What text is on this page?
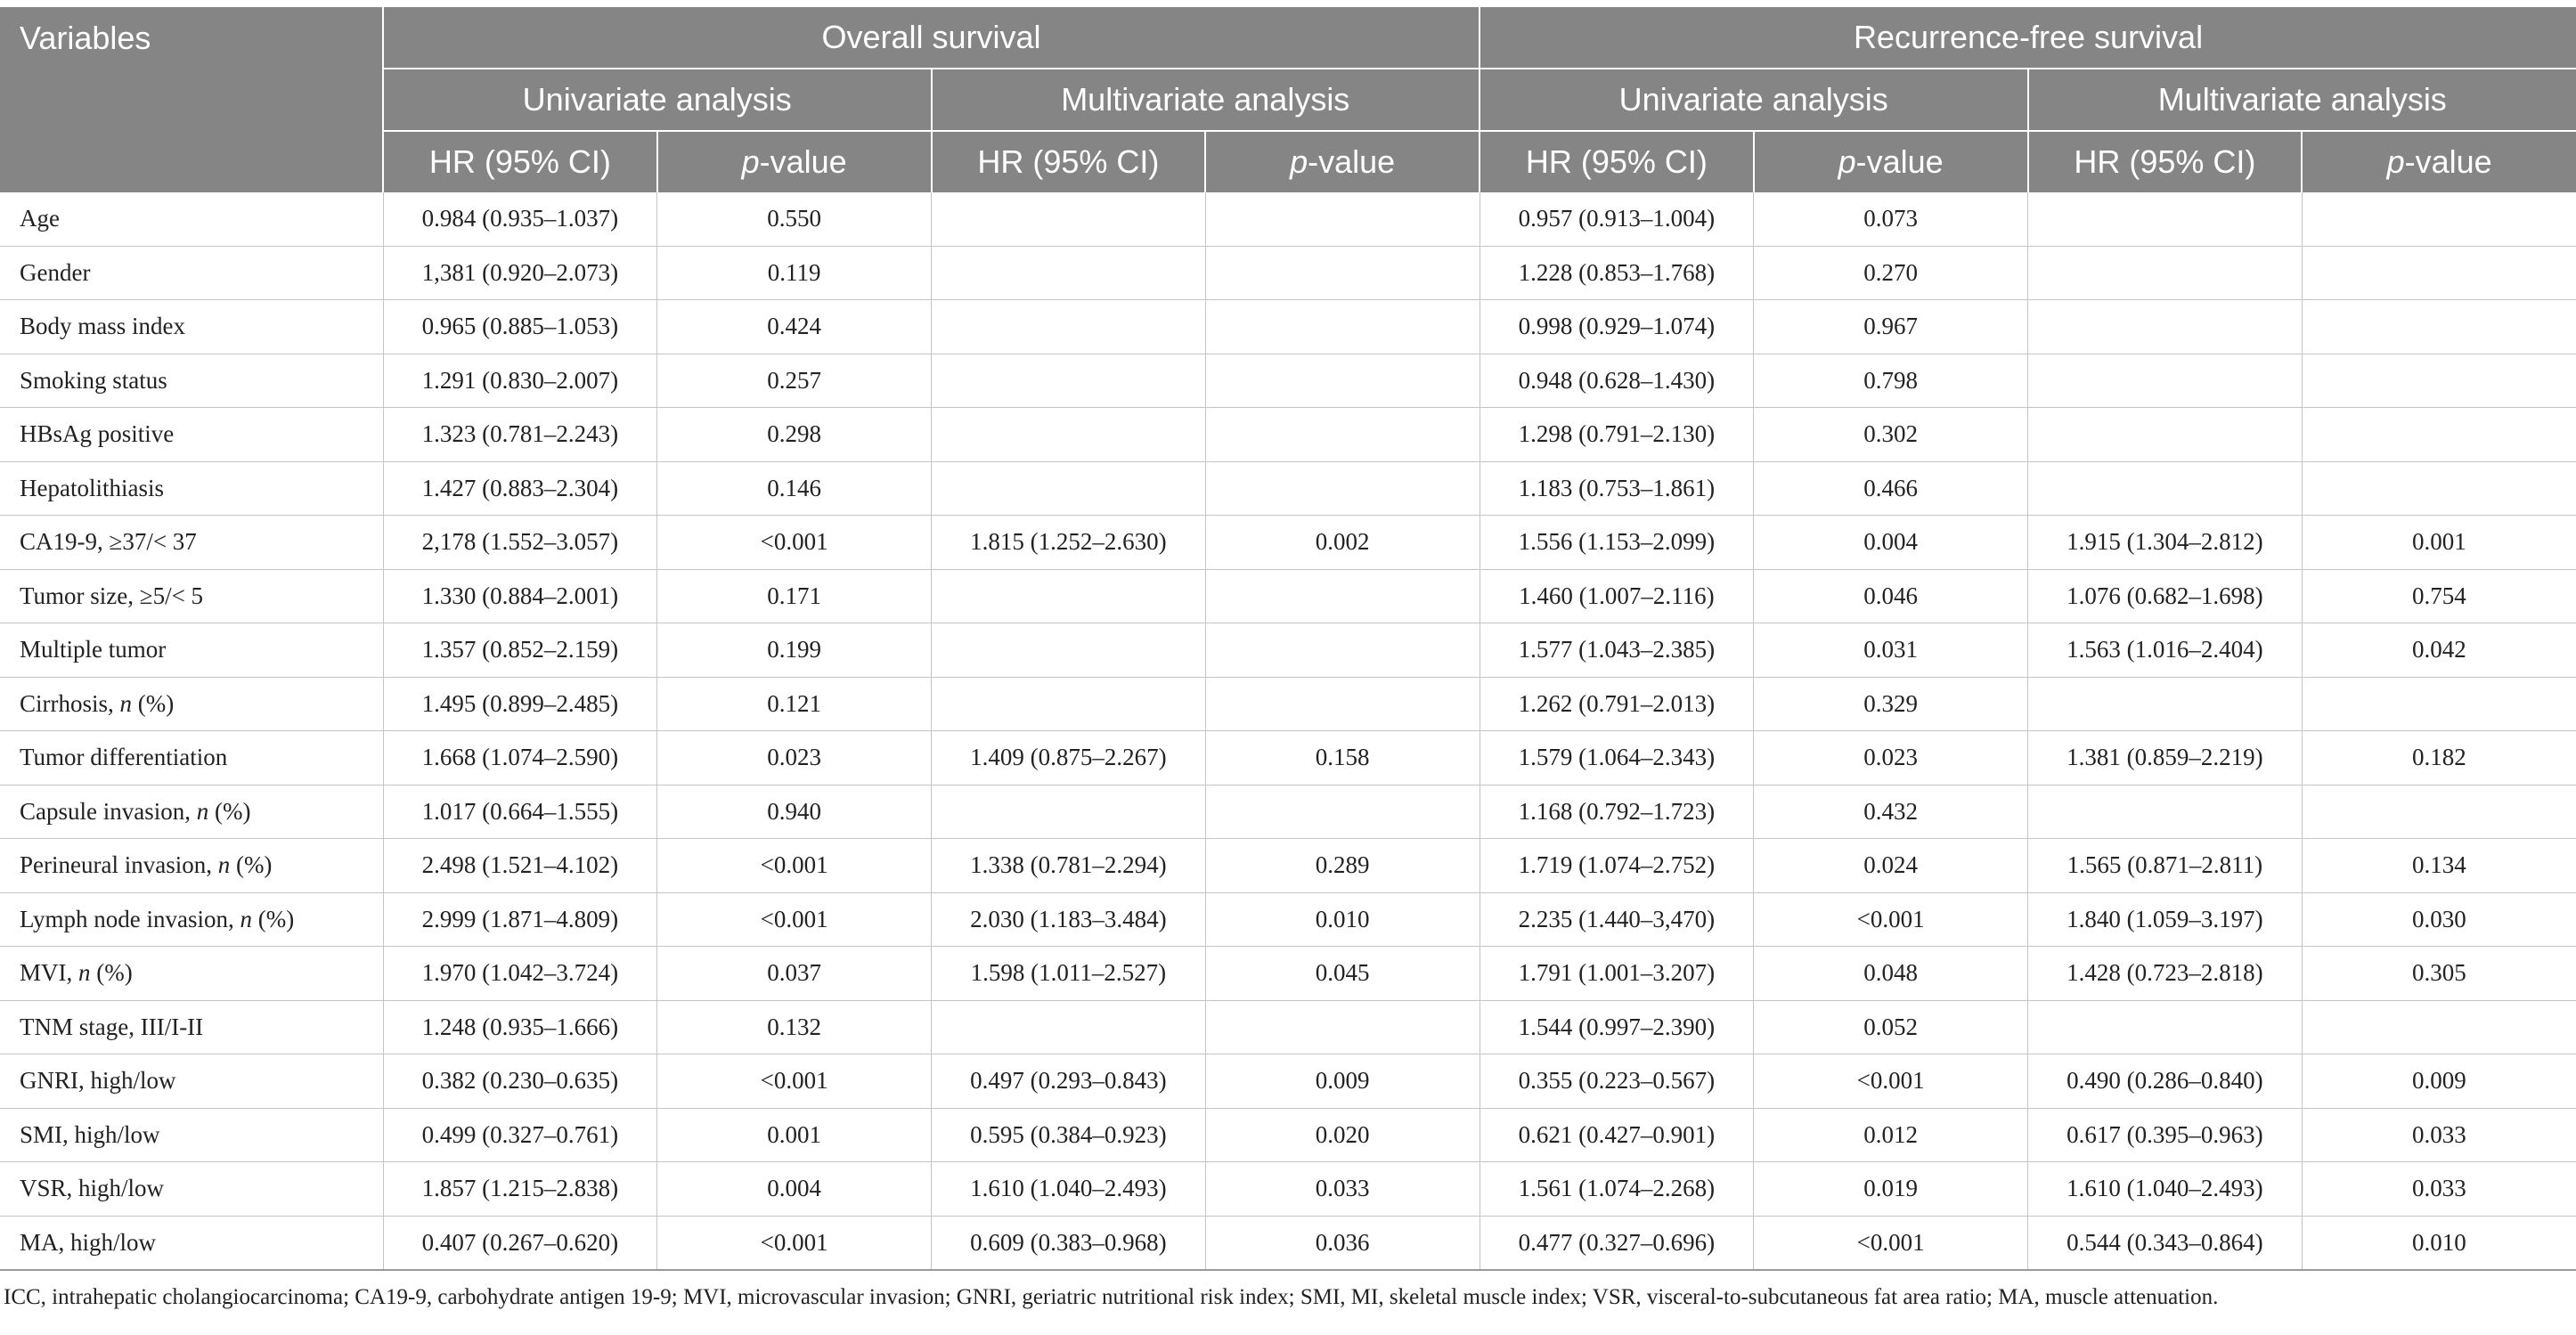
Variables	Overall survival				Recurrence-free survival			
	Univariate analysis		Multivariate analysis		Univariate analysis		Multivariate analysis	
	HR (95% CI)	p-value	HR (95% CI)	p-value	HR (95% CI)	p-value	HR (95% CI)	p-value
Age	0.984 (0.935–1.037)	0.550			0.957 (0.913–1.004)	0.073		
Gender	1,381 (0.920–2.073)	0.119			1.228 (0.853–1.768)	0.270		
Body mass index	0.965 (0.885–1.053)	0.424			0.998 (0.929–1.074)	0.967		
Smoking status	1.291 (0.830–2.007)	0.257			0.948 (0.628–1.430)	0.798		
HBsAg positive	1.323 (0.781–2.243)	0.298			1.298 (0.791–2.130)	0.302		
Hepatolithiasis	1.427 (0.883–2.304)	0.146			1.183 (0.753–1.861)	0.466		
CA19-9, ≥37/< 37	2,178 (1.552–3.057)	<0.001	1.815 (1.252–2.630)	0.002	1.556 (1.153–2.099)	0.004	1.915 (1.304–2.812)	0.001
Tumor size, ≥5/< 5	1.330 (0.884–2.001)	0.171			1.460 (1.007–2.116)	0.046	1.076 (0.682–1.698)	0.754
Multiple tumor	1.357 (0.852–2.159)	0.199			1.577 (1.043–2.385)	0.031	1.563 (1.016–2.404)	0.042
Cirrhosis, n (%)	1.495 (0.899–2.485)	0.121			1.262 (0.791–2.013)	0.329		
Tumor differentiation	1.668 (1.074–2.590)	0.023	1.409 (0.875–2.267)	0.158	1.579 (1.064–2.343)	0.023	1.381 (0.859–2.219)	0.182
Capsule invasion, n (%)	1.017 (0.664–1.555)	0.940			1.168 (0.792–1.723)	0.432		
Perineural invasion, n (%)	2.498 (1.521–4.102)	<0.001	1.338 (0.781–2.294)	0.289	1.719 (1.074–2.752)	0.024	1.565 (0.871–2.811)	0.134
Lymph node invasion, n (%)	2.999 (1.871–4.809)	<0.001	2.030 (1.183–3.484)	0.010	2.235 (1.440–3,470)	<0.001	1.840 (1.059–3.197)	0.030
MVI, n (%)	1.970 (1.042–3.724)	0.037	1.598 (1.011–2.527)	0.045	1.791 (1.001–3.207)	0.048	1.428 (0.723–2.818)	0.305
TNM stage, III/I-II	1.248 (0.935–1.666)	0.132			1.544 (0.997–2.390)	0.052		
GNRI, high/low	0.382 (0.230–0.635)	<0.001	0.497 (0.293–0.843)	0.009	0.355 (0.223–0.567)	<0.001	0.490 (0.286–0.840)	0.009
SMI, high/low	0.499 (0.327–0.761)	0.001	0.595 (0.384–0.923)	0.020	0.621 (0.427–0.901)	0.012	0.617 (0.395–0.963)	0.033
VSR, high/low	1.857 (1.215–2.838)	0.004	1.610 (1.040–2.493)	0.033	1.561 (1.074–2.268)	0.019	1.610 (1.040–2.493)	0.033
MA, high/low	0.407 (0.267–0.620)	<0.001	0.609 (0.383–0.968)	0.036	0.477 (0.327–0.696)	<0.001	0.544 (0.343–0.864)	0.010
ICC, intrahepatic cholangiocarcinoma; CA19-9, carbohydrate antigen 19-9; MVI, microvascular invasion; GNRI, geriatric nutritional risk index; SMI, MI, skeletal muscle index; VSR, visceral-to-subcutaneous fat area ratio; MA, muscle attenuation.
